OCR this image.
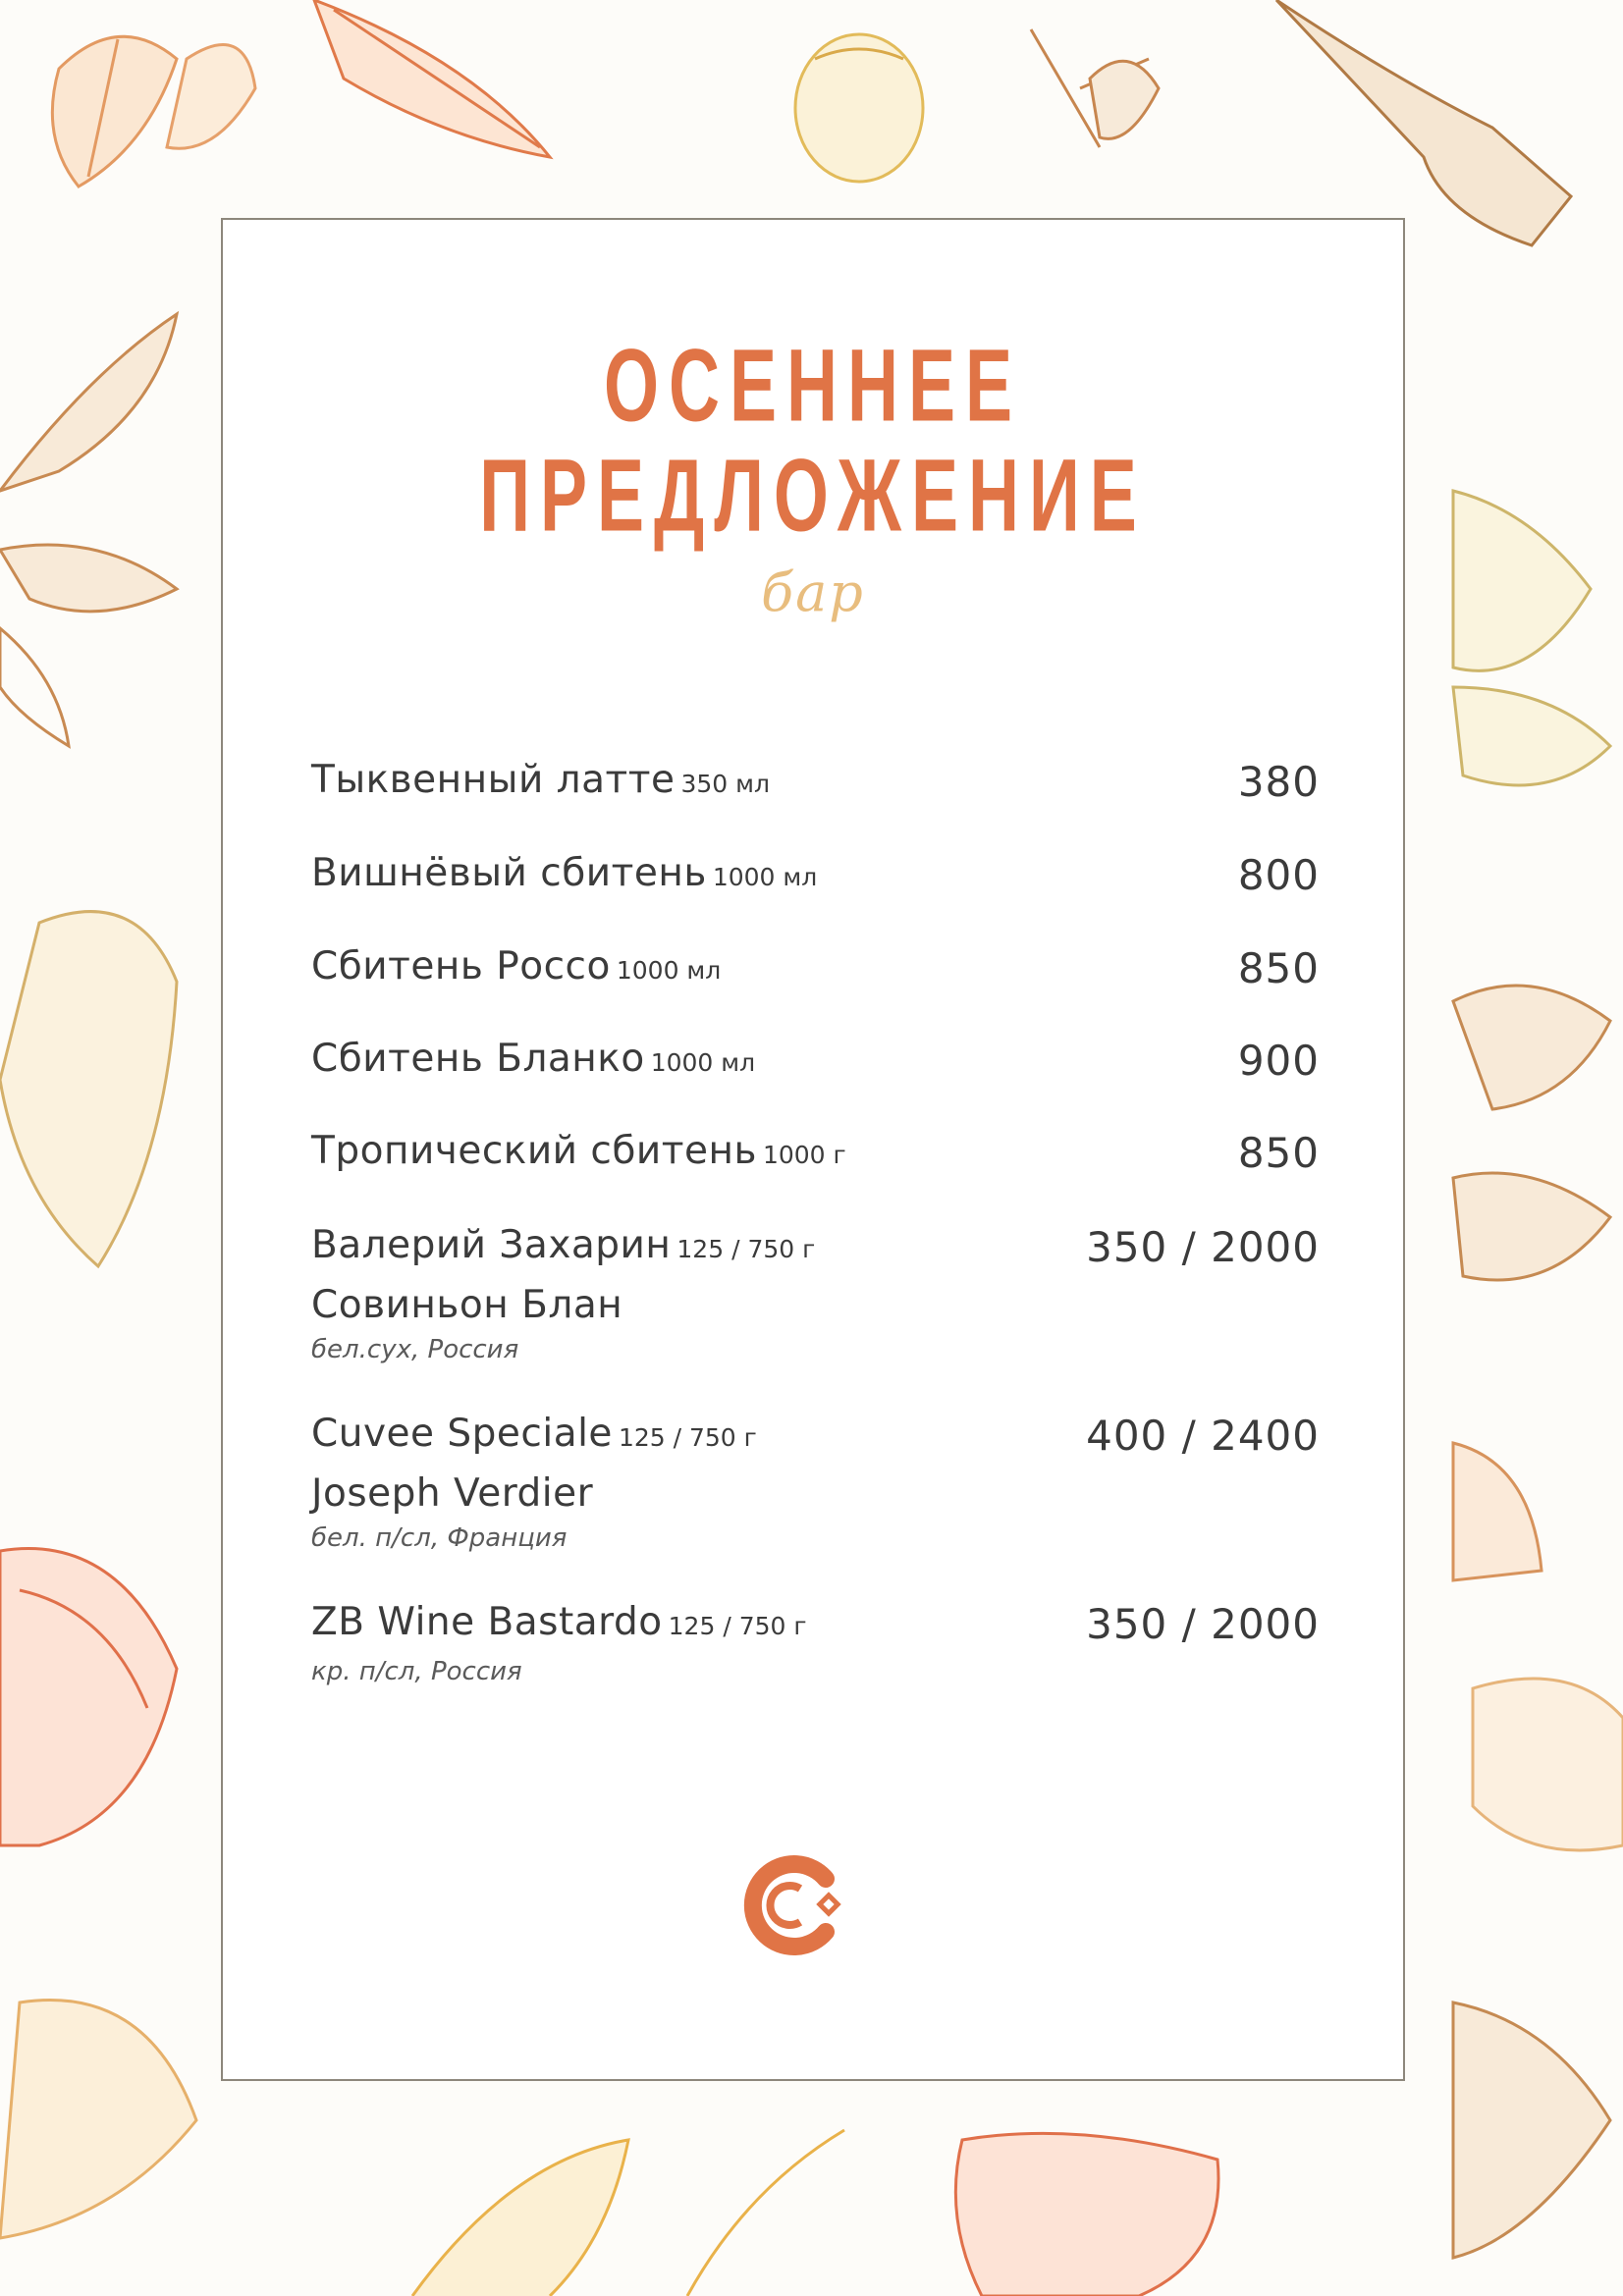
ОСЕННЕЕ
ПРЕДЛОЖЕНИЕ
бар
Тыквенный латте 350 мл	380
Вишнёвый сбитень 1000 мл	800
Сбитень Россо 1000 мл	850
Сбитень Бланко 1000 мл	900
Тропический сбитень 1000 г	850
Валерий Захарин 125 / 750 г	350 / 2000
Совиньон Блан
бел.сух, Россия
Cuvee Speciale 125 / 750 г	400 / 2400
Joseph Verdier
бел. п/сл, Франция
ZB Wine Bastardo 125 / 750 г	350 / 2000
кр. п/сл, Россия
